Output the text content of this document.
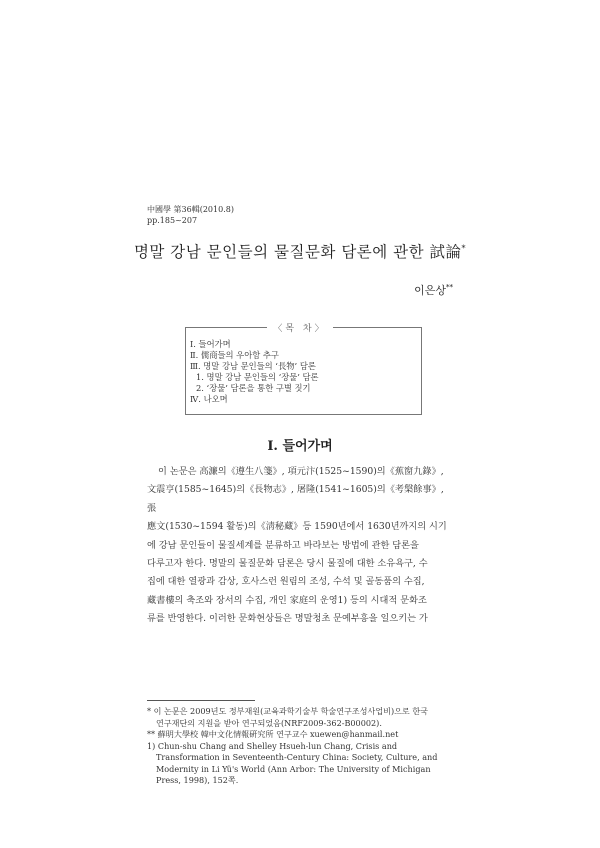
中國學 第36輯(2010.8)
pp.185~207
명말 강남 문인들의 물질문화 담론에 관한 試論*
이은상**
〈목 차〉
Ⅰ. 들어가며
Ⅱ. 儒商들의 우아함 추구
Ⅲ. 명말 강남 문인들의 ‘長物’ 담론
1. 명말 강남 문인들의 ‘장물’ 담론
2. ‘장물’ 담론을 통한 구별 짓기
Ⅳ. 나오며
Ⅰ. 들어가며

이 논문은 高濂의《遵生八箋》, 項元汴(1525~1590)의《蕉窗九錄》,

文震亨(1585~1645)의《長物志》, 屠隆(1541~1605)의《考槃餘事》, 張
應文(1530~1594 활동)의《淸秘藏》등 1590년에서 1630년까지의 시기
에 강남 문인들이 물질세계를 분류하고 바라보는 방법에 관한 담론을
다루고자 한다. 명말의 물질문화 담론은 당시 물질에 대한 소유욕구, 수
집에 대한 열광과 감상, 호사스런 원림의 조성, 수석 및 골동품의 수집,
藏書樓의 축조와 장서의 수집, 개인 家庭의 운영1) 등의 시대적 문화조
류를 반영한다. 이러한 문화현상들은 명말청초 문예부흥을 일으키는 가
* 이 논문은 2009년도 정부재원(교육과학기술부 학술연구조성사업비)으로 한국
연구재단의 지원을 받아 연구되었음(NRF2009-362-B00002).
** 蘚明大學校 韓中文化情報硏究所 연구교수 xuewen@hanmail.net
1) Chun-shu Chang and Shelley Hsueh-lun Chang, Crisis and
Transformation in Seventeenth-Century China: Society, Culture, and
Modernity in Li Yü's World (Ann Arbor: The University of Michigan
Press, 1998), 152쪽.
